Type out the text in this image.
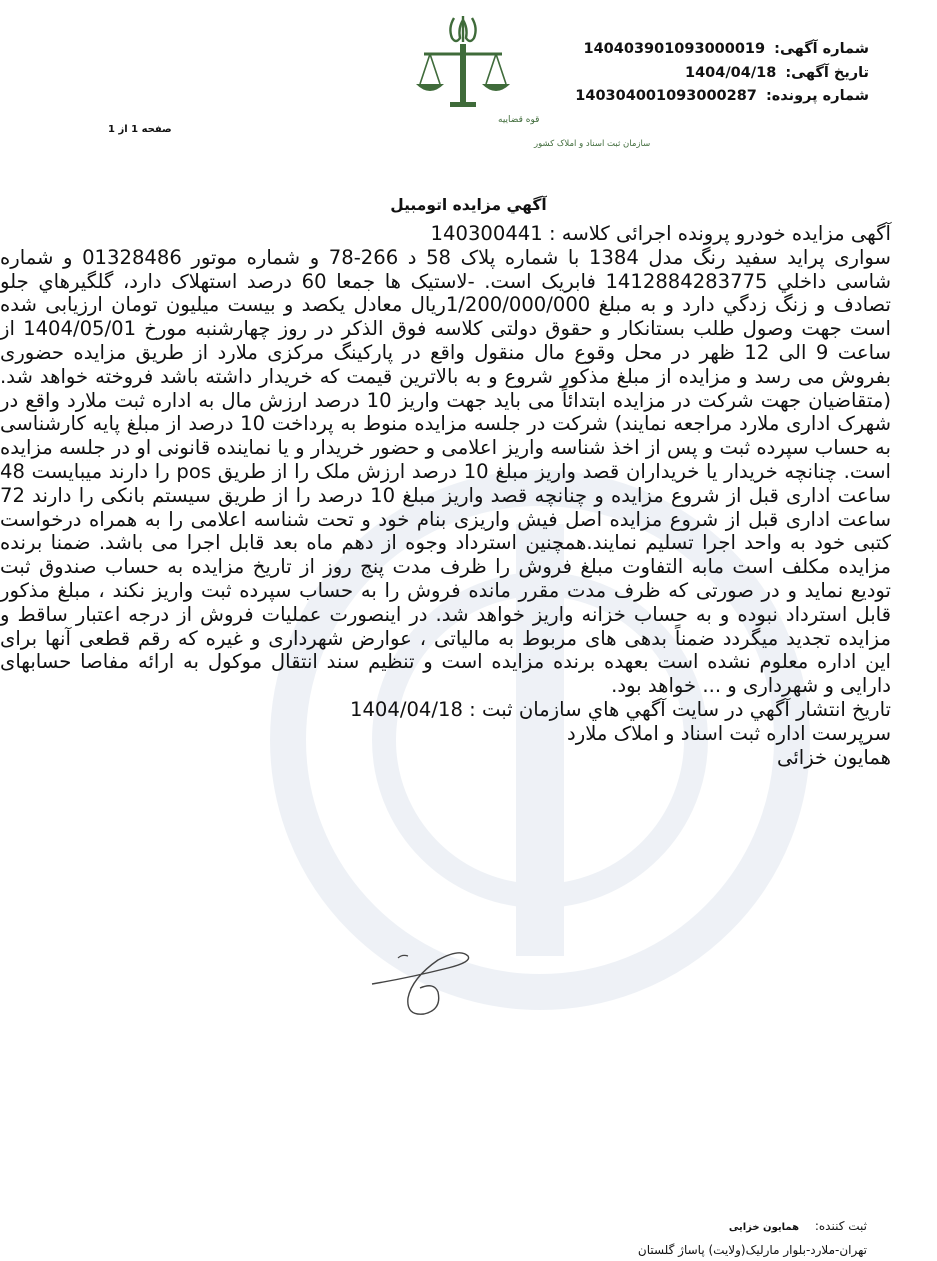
شماره آگهی: 14040390109300​0019
تاریخ آگهی: 1404/04/18
شماره پرونده: 14030400109300​0287
صفحه 1 از 1
قوه قضاییه
سازمان ثبت اسناد و املاک کشور
آگهي مزايده اتومبيل
آگهی مزایده خودرو پرونده اجرائی کلاسه : 140300441

سواری پراید سفید رنگ مدل 1384 با شماره پلاک 58 د 266-78 و شماره موتور 01328486 و شماره شاسی داخلي 1412884283775 فابریک است. -لاستیک ها جمعا 60 درصد استهلاک دارد، گلگیرهاي جلو تصادف و زنگ زدگي دارد و به مبلغ 1/200/000/000ریال معادل یکصد و بیست میلیون تومان ارزیابی شده است جهت وصول طلب بستانکار و حقوق دولتی کلاسه فوق الذکر در روز چهارشنبه مورخ 1404/05/01 از ساعت 9 الی 12 ظهر در محل وقوع مال منقول واقع در پارکینگ مرکزی ملارد از طریق مزایده حضوری بفروش می رسد و مزایده از مبلغ مذکور شروع و به بالاترین قیمت که خریدار داشته باشد فروخته خواهد شد.(متقاضیان جهت شرکت در مزایده ابتدائاً می باید جهت واریز 10 درصد ارزش مال به اداره ثبت ملارد واقع در شهرک اداری ملارد مراجعه نمایند) شرکت در جلسه مزایده منوط به پرداخت 10 درصد از مبلغ پایه کارشناسی به حساب سپرده ثبت و پس از اخذ شناسه واریز اعلامی و حضور خریدار و یا نماینده قانونی او در جلسه مزایده است. چنانچه خریدار یا خریداران قصد واریز مبلغ 10 درصد ارزش ملک را از طریق pos را دارند میبایست 48 ساعت اداری قبل از شروع مزایده و چنانچه قصد واریز مبلغ 10 درصد را از طریق سیستم بانکی را دارند 72 ساعت اداری قبل از شروع مزایده اصل فیش واریزی بنام خود و تحت شناسه اعلامی را به همراه درخواست کتبی خود به واحد اجرا تسلیم نمایند.همچنین استرداد وجوه از دهم ماه بعد قابل اجرا می باشد. ضمنا برنده مزایده مکلف است مابه التفاوت مبلغ فروش را ظرف مدت پنج روز از تاریخ مزایده به حساب صندوق ثبت تودیع نماید و در صورتی که ظرف مدت مقرر مانده فروش را به حساب سپرده ثبت واریز نکند ، مبلغ مذکور قابل استرداد نبوده و به حساب خزانه واریز خواهد شد. در اینصورت عملیات فروش از درجه اعتبار ساقط و مزایده تجدید میگردد ضمناً بدهی های مربوط به مالیاتی ، عوارض شهرداری و غیره که رقم قطعی آنها برای این اداره معلوم نشده است بعهده برنده مزایده است و تنظیم سند انتقال موکول به ارائه مفاصا حسابهای دارایی و شهرداری و ... خواهد بود.

تاریخ انتشار آگهي در سایت آگهي هاي سازمان ثبت : 1404/04/18
سرپرست اداره ثبت اسناد و املاک ملارد
همایون خزائی
ثبت کننده: همایون خزایی
تهران-ملارد-بلوار مارلیک(ولایت) پاساژ گلستان
